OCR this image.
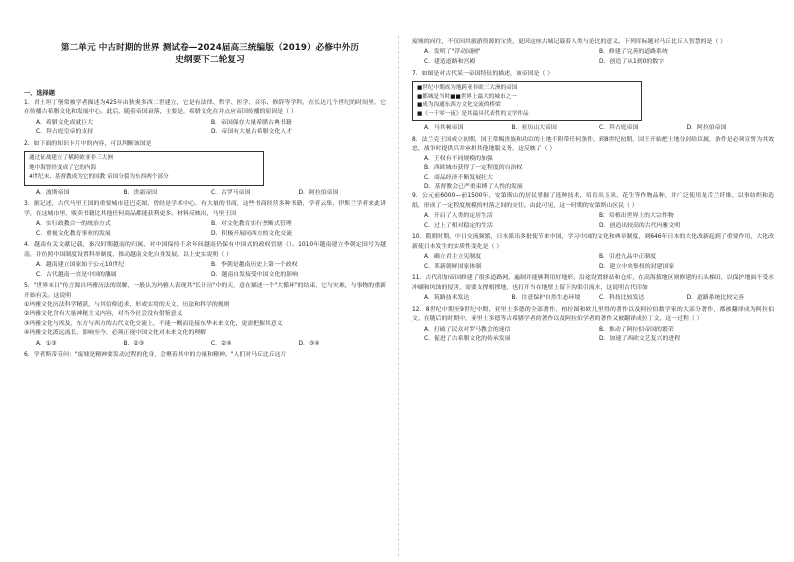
第二单元 中古时期的世界 测试卷—2024届高三统编版（2019）必修中外历史纲要下二轮复习
一、选择题

1．君士坦丁堡常被学者描述为425年由狄奥多西二世建立，它是有法律、哲学、医学、音乐、修辞等学科，在长达几个世纪的时间里，它在传播古希腊文化和发展中心。此后，随着帝国衰落，主要是，希腊文化在并点应帝国传播的原因是（ ）

A．希腊文化成就巨大	B．帝国保存大量希腊古典书籍
C．拜占庭皇帝的支持	D．帝国有大量古希腊文化人才

2．如下面的知识卡片中的内容，可以判断该国是

通过征战建立了横跨欧亚非三大洲
地中海曾经变成了它的内海
4世纪末，基督教成为它的国教 帝国分裂为东西两个部分
A．波斯帝国	B．贵霜帝国	C．古罗马帝国	D．阿拉伯帝国

3．据记述，古代马里王国的重要城市廷巴克图，曾经是学术中心，有大量的书商，这些书商经营多种书籍，学者云集，伊斯兰学者来此讲学，在这城市里，贩卖书籍比其他任何商品都能获利更多。材料反映出，马里王国

A．实行政教合一的统治方式	B．对文化教育实行垄断式管理
C．重视文化教育事业的发展	D．积极开展同西方的文化交流

4．越南有关文献记载，秦汉时期越南的归属，对中国保持千余年间越南仍保有中国式的政权管辖（）。1010年越南建立李朝定国号为越南，并仿照中国制度设置科举制度，推动越南文化自身发展。以上史实说明（ ）

A．越南建立国家始于公元10世纪	B．李朝是越南历史上第一个政权
C．古代越南一直是中国的藩属	D．越南自发接受中国文化的影响

5．"世界末日"传言源自玛雅历法的误解，一般认为玛雅人表现其"长计历"中的天，意在描述一个"大循环"的结束，它与灾难，与事物的重新开始有关。这说明

①玛雅文化历法科学精湛，与其信仰追求，形成实用的天文、历法和科学的规则
②玛雅文化含有大量神秘主义内容，对当今社会没有借鉴意义
③玛雅文化与埃及、东方与西方的古代文化交流上，不能一概而论接东华未来文化，更需把握其意义
④玛雅文化派远流长，影响至今，必须正视中国文化对未来文化的理解
A．①③	B．②③	C．②④	D．③④

6．学者斯蒂芬问："废墟是精神要发动过程的化身，会聚着其中的力量和精神。"人们对马丘比丘这片

废墟的向往，不仅因其旅游资源的宝贵，更因这座古城记载着人类与论比的意义。下列库标题对马丘比丘人智慧的是（ ）

A．发明了"浮动园圃"	B．修建了完善的道路系统
C．建造道路和宫殿	D．创造了从1到0的数字

7．如图是对古代某一帝国特征的描述，该帝国是（ ）

■世纪中期成为地跨亚非欧三大洲的帝国
■都城是当时■■世界上最大的城市之一
■成为沟通东西方文化交流的桥梁
■《一千零一夜》是其最具代表性的文学作品
A．马其顿帝国	B．亚历山大帝国	C．拜占庭帝国	D．阿拉伯帝国

8．法兰克王国成立初期，国王常赐贵族和功臣的土地不附带任何条件。到8世纪初期，国王开始把土地分封给臣属，条件是必须宣誓为其效忠，战争时提供兵并承担其他地服义务，这反映了（ ）

A．王权有不同规模的加强
B．西欧城市获得了一定程度的自治权
C．商品经济不断发展壮大
D．基督教会已严重束缚了人性的发展

9．公元前6000—前1500年，安第斯山的居民掌握了选种技术，培育出玉米、花生等作物品种，并广泛使用龙舌兰纤维、以事纺织和造纸，形成了一定程度规模的村落之间的交往。由此可见，这一时期的安第斯山区民（ ）

A．开启了人类的定居生活	B．培植出世界上的大宗作物
C．过上了相对稳定的生活	D．创造出较高的古代玛雅文明

10．隋朝时期，中日交流频繁，日本派出多批使节来中国，学习中国的文化和典章制度，到646年日本的大化改新起到了重要作用，大化改新使日本发生的实质性变化是（ ）

A．确立君主立宪制度	B．引进九品中正制度
C．革新朝鲜国家体制	D．建立中央集权的封建国家

11．古代印加帝国修建了很多道路网，遍制并能够利用好地形，沿途设置驿站和仓库，在高海拔地区则修建的石头梯田，以保护地面不受水冲刷和风蚀的侵害，需要支撑相撑地，也打开当在地壁上留下沟渠引流水，这说明古代印加

A．筑路技术发达	B．注意保护自然生态环境	C．科技比较发达	D．道路系统比较完善

12．8世纪中期至9世纪中期，亚里士多德的全部著作、柏拉图和欧几里得的著作以及阿拉伯数学家的大部分著作，都被翻译成为阿拉伯文。在随后的时期中，亚里士多德等古希腊学者的著作以及阿拉伯学者的著作又被翻译成拉丁文，这一过程（ ）

A．打破了民众对罗马教会的迷信	B．推动了阿拉伯帝国的繁荣
C．促进了古希腊文化的传承发展	D．加速了西欧文艺复兴的进程
